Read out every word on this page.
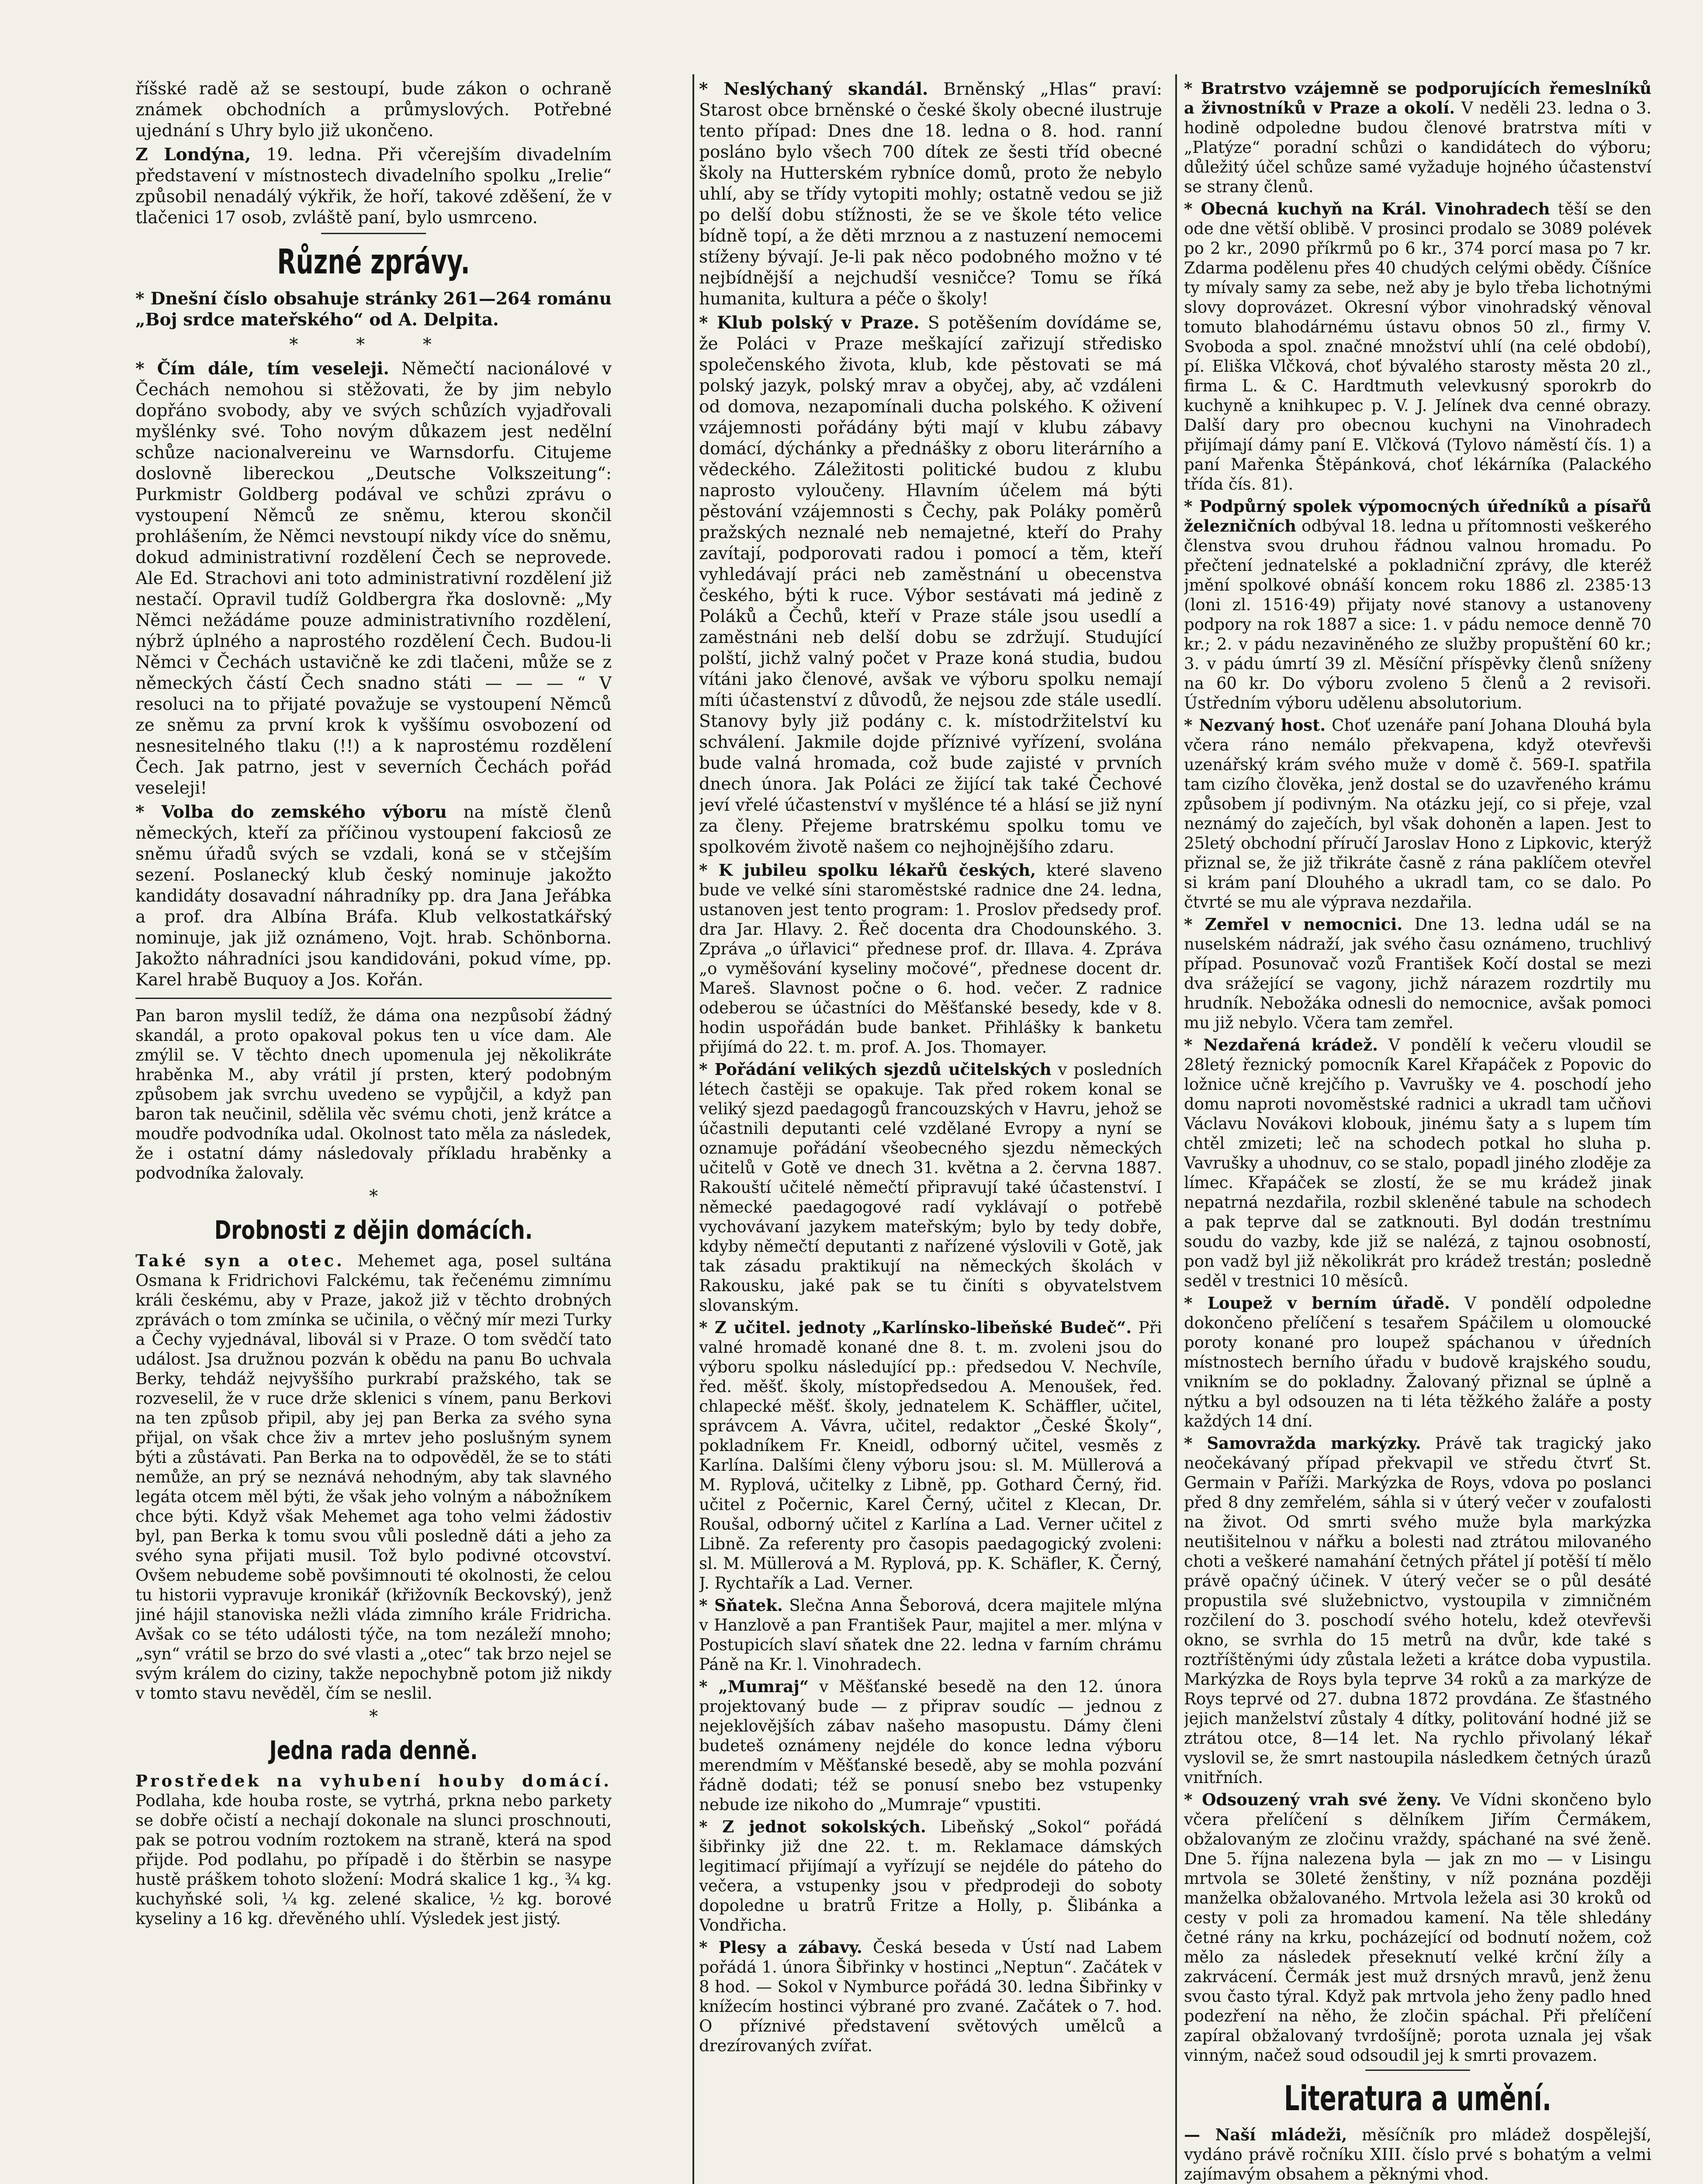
říšské radě až se sestoupí, bude zákon o ochraně známek obchodních a průmyslových. Potřebné ujednání s Uhry bylo již ukončeno.

Z Londýna, 19. ledna. Při včerejším divadelním představení v místnostech divadelního spolku „Irelie“ způsobil nenadálý výkřik, že hoří, takové zděšení, že v tlačenici 17 osob, zvláště paní, bylo usmrceno.

Různé zprávy.

* Dnešní číslo obsahuje stránky 261—264 románu „Boj srdce mateřského“ od A. Delpita.

* * *

* Čím dále, tím veseleji. Němečtí nacionálové v Čechách nemohou si stěžovati, že by jim nebylo dopřáno svobody, aby ve svých schůzích vyjadřovali myšlénky své. Toho novým důkazem jest nedělní schůze nacionalvereinu ve Warnsdorfu. Citujeme doslovně libereckou „Deutsche Volkszeitung“: Purkmistr Goldberg podával ve schůzi zprávu o vystoupení Němců ze sněmu, kterou skončil prohlášením, že Němci nevstoupí nikdy více do sněmu, dokud administrativní rozdělení Čech se neprovede. Ale Ed. Strachovi ani toto administrativní rozdělení již nestačí. Opravil tudíž Goldbergra řka doslovně: „My Němci nežádáme pouze administrativního rozdělení, nýbrž úplného a naprostého rozdělení Čech. Budou-li Němci v Čechách ustavičně ke zdi tlačeni, může se z německých částí Čech snadno státi — — — “ V resoluci na to přijaté považuje se vystoupení Němců ze sněmu za první krok k vyššímu osvobození od nesnesitelného tlaku (!!) a k naprostému rozdělení Čech. Jak patrno, jest v severních Čechách pořád veseleji!

* Volba do zemského výboru na místě členů německých, kteří za příčinou vystoupení fakciosů ze sněmu úřadů svých se vzdali, koná se v stčejším sezení. Poslanecký klub český nominuje jakožto kandidáty dosavadní náhradníky pp. dra Jana Jeřábka a prof. dra Albína Bráfa. Klub velkostatkářský nominuje, jak již oznámeno, Vojt. hrab. Schönborna. Jakožto náhradníci jsou kandidováni, pokud víme, pp. Karel hrabě Buquoy a Jos. Kořán.

Pan baron myslil tedíž, že dáma ona nezpůsobí žádný skandál, a proto opakoval pokus ten u více dam. Ale zmýlil se. V těchto dnech upomenula jej několikráte hraběnka M., aby vrátil jí prsten, který podobným způsobem jak svrchu uvedeno se vypůjčil, a když pan baron tak neučinil, sdělila věc svému choti, jenž krátce a moudře podvodníka udal. Okolnost tato měla za následek, že i ostatní dámy následovaly příkladu hraběnky a podvodníka žalovaly.

*
Drobnosti z dějin domácích.

Také syn a otec. Mehemet aga, posel sultána Osmana k Fridrichovi Falckému, tak řečenému zimnímu králi českému, aby v Praze, jakož již v těchto drobných zprávách o tom zmínka se učinila, o věčný mír mezi Turky a Čechy vyjednával, libovál si v Praze. O tom svědčí tato událost. Jsa družnou pozván k obědu na panu Bo uchvala Berky, tehdáž nejvyššího purkrabí pražského, tak se rozveselil, že v ruce drže sklenici s vínem, panu Berkovi na ten způsob připil, aby jej pan Berka za svého syna přijal, on však chce živ a mrtev jeho poslušným synem býti a zůstávati. Pan Berka na to odpověděl, že se to státi nemůže, an prý se neznává nehodným, aby tak slavného legáta otcem měl býti, že však jeho volným a nábožníkem chce býti. Když však Mehemet aga toho velmi žádostiv byl, pan Berka k tomu svou vůli posledně dáti a jeho za svého syna přijati musil. Tož bylo podivné otcovství. Ovšem nebudeme sobě povšimnouti té okolnosti, že celou tu historii vypravuje kronikář (křižovník Beckovský), jenž jiné hájil stanoviska nežli vláda zimního krále Fridricha. Avšak co se této události týče, na tom nezáleží mnoho; „syn“ vrátil se brzo do své vlasti a „otec“ tak brzo nejel se svým králem do ciziny, takže nepochybně potom již nikdy v tomto stavu nevěděl, čím se neslil.

*
Jedna rada denně.

Prostředek na vyhubení houby domácí. Podlaha, kde houba roste, se vytrhá, prkna nebo parkety se dobře očistí a nechají dokonale na slunci proschnouti, pak se potrou vodním roztokem na straně, která na spod přijde. Pod podlahu, po případě i do štěrbin se nasype hustě práškem tohoto složení: Modrá skalice 1 kg., ¾ kg. kuchyňské soli, ¼ kg. zelené skalice, ½ kg. borové kyseliny a 16 kg. dřevěného uhlí. Výsledek jest jistý.

* Neslýchaný skandál. Brněnský „Hlas“ praví: Starost obce brněnské o české školy obecné ilustruje tento případ: Dnes dne 18. ledna o 8. hod. ranní posláno bylo všech 700 dítek ze šesti tříd obecné školy na Hutterském rybníce domů, proto že nebylo uhlí, aby se třídy vytopiti mohly; ostatně vedou se již po delší dobu stížnosti, že se ve škole této velice bídně topí, a že děti mrznou a z nastuzení nemocemi stíženy bývají. Je-li pak něco podobného možno v té nejbídnější a nejchudší vesničce? Tomu se říká humanita, kultura a péče o školy!

* Klub polský v Praze. S potěšením dovídáme se, že Poláci v Praze meškající zařizují středisko společenského života, klub, kde pěstovati se má polský jazyk, polský mrav a obyčej, aby, ač vzdáleni od domova, nezapomínali ducha polského. K oživení vzájemnosti pořádány býti mají v klubu zábavy domácí, dýchánky a přednášky z oboru literárního a vědeckého. Záležitosti politické budou z klubu naprosto vyloučeny. Hlavním účelem má býti pěstování vzájemnosti s Čechy, pak Poláky poměrů pražských neznalé neb nemajetné, kteří do Prahy zavítají, podporovati radou i pomocí a těm, kteří vyhledávají práci neb zaměstnání u obecenstva českého, býti k ruce. Výbor sestávati má jedině z Poláků a Čechů, kteří v Praze stále jsou usedlí a zaměstnáni neb delší dobu se zdržují. Studující polští, jichž valný počet v Praze koná studia, budou vítáni jako členové, avšak ve výboru spolku nemají míti účastenství z důvodů, že nejsou zde stále usedlí. Stanovy byly již podány c. k. místodržitelství ku schválení. Jakmile dojde příznivé vyřízení, svolána bude valná hromada, což bude zajisté v prvních dnech února. Jak Poláci ze žijící tak také Čechové jeví vřelé účastenství v myšlénce té a hlásí se již nyní za členy. Přejeme bratrskému spolku tomu ve spolkovém životě našem co nejhojnějšího zdaru.

* K jubileu spolku lékařů českých, které slaveno bude ve velké síni staroměstské radnice dne 24. ledna, ustanoven jest tento program: 1. Proslov předsedy prof. dra Jar. Hlavy. 2. Řeč docenta dra Chodounského. 3. Zpráva „o úřlavici“ přednese prof. dr. Illava. 4. Zpráva „o vyměšování kyseliny močové“, přednese docent dr. Mareš. Slavnost počne o 6. hod. večer. Z radnice odeberou se účastníci do Měšťanské besedy, kde v 8. hodin uspořádán bude banket. Přihlášky k banketu přijímá do 22. t. m. prof. A. Jos. Thomayer.

* Pořádání velikých sjezdů učitelských v posledních létech častěji se opakuje. Tak před rokem konal se veliký sjezd paedagogů francouzských v Havru, jehož se účastnili deputanti celé vzdělané Evropy a nyní se oznamuje pořádání všeobecného sjezdu německých učitelů v Gotě ve dnech 31. května a 2. června 1887. Rakouští učitelé němečtí připravují také účastenství. I německé paedagogové radí vyklávají o potřebě vychovávaní jazykem mateřským; bylo by tedy dobře, kdyby němečtí deputanti z nařízené výslovili v Gotě, jak tak zásadu praktikují na německých školách v Rakousku, jaké pak se tu činíti s obyvatelstvem slovanským.

* Z učitel. jednoty „Karlínsko-libeňské Budeč“. Při valné hromadě konané dne 8. t. m. zvoleni jsou do výboru spolku následující pp.: předsedou V. Nechvíle, řed. měšť. školy, místopředsedou A. Menoušek, řed. chlapecké měšť. školy, jednatelem K. Schäffler, učitel, správcem A. Vávra, učitel, redaktor „České Školy“, pokladníkem Fr. Kneidl, odborný učitel, vesměs z Karlína. Dalšími členy výboru jsou: sl. M. Müllerová a M. Ryplová, učitelky z Libně, pp. Gothard Černý, řid. učitel z Počernic, Karel Černý, učitel z Klecan, Dr. Roušal, odborný učitel z Karlína a Lad. Verner učitel z Libně. Za referenty pro časopis paedagogický zvoleni: sl. M. Müllerová a M. Ryplová, pp. K. Schäfler, K. Černý, J. Rychtařík a Lad. Verner.

* Sňatek. Slečna Anna Šeborová, dcera majitele mlýna v Hanzlově a pan František Paur, majitel a mer. mlýna v Postupicích slaví sňatek dne 22. ledna v farním chrámu Páně na Kr. l. Vinohradech.

* „Mumraj“ v Měšťanské besedě na den 12. února projektovaný bude — z připrav soudíc — jednou z nejeklovějších zábav našeho masopustu. Dámy členi budeteš oznámeny nejdéle do konce ledna výboru merendmím v Měšťanské besedě, aby se mohla pozvání řádně dodati; též se ponusí snebo bez vstupenky nebude ize nikoho do „Mumraje“ vpustiti.

* Z jednot sokolských. Libeňský „Sokol“ pořádá šibřinky již dne 22. t. m. Reklamace dámských legitimací přijímají a vyřízují se nejdéle do páteho do večera, a vstupenky jsou v předprodeji do soboty dopoledne u bratrů Fritze a Holly, p. Šlibánka a Vondřicha.

* Plesy a zábavy. Česká beseda v Ústí nad Labem pořádá 1. února Šibřinky v hostinci „Neptun“. Začátek v 8 hod. — Sokol v Nymburce pořádá 30. ledna Šibřinky v knížecím hostinci výbrané pro zvané. Začátek o 7. hod. O příznivé představení světových umělců a drezírovaných zvířat.

* Bratrstvo vzájemně se podporujících řemeslníků a živnostníků v Praze a okolí. V neděli 23. ledna o 3. hodině odpoledne budou členové bratrstva míti v „Platýze“ poradní schůzi o kandidátech do výboru; důležitý účel schůze samé vyžaduje hojného účastenství se strany členů.

* Obecná kuchyň na Král. Vinohradech těší se den ode dne větší oblibě. V prosinci prodalo se 3089 polévek po 2 kr., 2090 příkrmů po 6 kr., 374 porcí masa po 7 kr. Zdarma podělenu přes 40 chudých celými obědy. Číšníce ty mívaly samy za sebe, než aby je bylo třeba lichotnými slovy doprovázet. Okresní výbor vinohradský věnoval tomuto blahodárnému ústavu obnos 50 zl., firmy V. Svoboda a spol. značné množství uhlí (na celé období), pí. Eliška Vlčková, choť bývalého starosty města 20 zl., firma L. & C. Hardtmuth velevkusný sporokrb do kuchyně a knihkupec p. V. J. Jelínek dva cenné obrazy. Další dary pro obecnou kuchyni na Vinohradech přijímají dámy paní E. Vlčková (Tylovo náměstí čís. 1) a paní Mařenka Štěpánková, choť lékárníka (Palackého třída čís. 81).

* Podpůrný spolek výpomocných úředníků a písařů železničních odbýval 18. ledna u přítomnosti veškerého členstva svou druhou řádnou valnou hromadu. Po přečtení jednatelské a pokladniční zprávy, dle kteréž jmění spolkové obnáší koncem roku 1886 zl. 2385·13 (loni zl. 1516·49) přijaty nové stanovy a ustanoveny podpory na rok 1887 a sice: 1. v pádu nemoce denně 70 kr.; 2. v pádu nezaviněného ze služby propuštění 60 kr.; 3. v pádu úmrtí 39 zl. Měsíční příspěvky členů sníženy na 60 kr. Do výboru zvoleno 5 členů a 2 revisoři. Ústředním výboru udělenu absolutorium.

* Nezvaný host. Choť uzenáře paní Johana Dlouhá byla včera ráno nemálo překvapena, když otevřevši uzenářský krám svého muže v domě č. 569-I. spatřila tam cizího člověka, jenž dostal se do uzavřeného krámu způsobem jí podivným. Na otázku její, co si přeje, vzal neznámý do zaječích, byl však dohoněn a lapen. Jest to 25letý obchodní příručí Jaroslav Hono z Lipkovic, kterýž přiznal se, že již třikráte časně z rána paklíčem otevřel si krám paní Dlouhého a ukradl tam, co se dalo. Po čtvrté se mu ale výprava nezdařila.

* Zemřel v nemocnici. Dne 13. ledna udál se na nuselském nádraží, jak svého času oznámeno, truchlivý případ. Posunovač vozů František Kočí dostal se mezi dva srážející se vagony, jichž nárazem rozdrtily mu hrudník. Nebožáka odnesli do nemocnice, avšak pomoci mu již nebylo. Včera tam zemřel.

* Nezdařená krádež. V pondělí k večeru vloudil se 28letý řeznický pomocník Karel Křapáček z Popovic do ložnice učně krejčího p. Vavrušky ve 4. poschodí jeho domu naproti novoměstské radnici a ukradl tam učňovi Václavu Novákovi klobouk, jinému šaty a s lupem tím chtěl zmizeti; leč na schodech potkal ho sluha p. Vavrušky a uhodnuv, co se stalo, popadl jiného zloděje za límec. Křapáček se zlostí, že se mu krádež jinak nepatrná nezdařila, rozbil skleněné tabule na schodech a pak teprve dal se zatknouti. Byl dodán trestnímu soudu do vazby, kde již se nalézá, z tajnou osobností, pon vadž byl již několikrát pro krádež trestán; posledně seděl v trestnici 10 měsíců.

* Loupež v berním úřadě. V pondělí odpoledne dokončeno přelíčení s tesařem Spáčilem u olomoucké poroty konané pro loupež spáchanou v úředních místnostech berního úřadu v budově krajského soudu, vnikním se do pokladny. Žalovaný přiznal se úplně a nýtku a byl odsouzen na ti léta těžkého žaláře a posty každých 14 dní.

* Samovražda markýzky. Právě tak tragický jako neočekávaný případ překvapil ve středu čtvrť St. Germain v Paříži. Markýzka de Roys, vdova po poslanci před 8 dny zemřelém, sáhla si v úterý večer v zoufalosti na život. Od smrti svého muže byla markýzka neutišitelnou v nářku a bolesti nad ztrátou milovaného choti a veškeré namahání četných přátel jí potěší tí mělo právě opačný účinek. V úterý večer se o půl desáté propustila své služebnictvo, vystoupila v zimničném rozčilení do 3. poschodí svého hotelu, kdež otevřevši okno, se svrhla do 15 metrů na dvůr, kde také s roztříštěnými údy zůstala ležeti a krátce doba vypustila. Markýzka de Roys byla teprve 34 roků a za markýze de Roys teprvé od 27. dubna 1872 provdána. Ze šťastného jejich manželství zůstaly 4 dítky, politování hodné již se ztrátou otce, 8—14 let. Na rychlo přivolaný lékař vyslovil se, že smrt nastoupila následkem četných úrazů vnitřních.

* Odsouzený vrah své ženy. Ve Vídni skončeno bylo včera přelíčení s dělníkem Jiřím Čermákem, obžalovaným ze zločinu vraždy, spáchané na své ženě. Dne 5. října nalezena byla — jak zn mo — v Lisingu mrtvola se 30leté ženštiny, v níž poznána později manželka obžalovaného. Mrtvola ležela asi 30 kroků od cesty v poli za hromadou kamení. Na těle shledány četné rány na krku, pocházející od bodnutí nožem, což mělo za následek přeseknutí velké krční žíly a zakrvácení. Čermák jest muž drsných mravů, jenž ženu svou často týral. Když pak mrtvola jeho ženy padlo hned podezření na něho, že zločin spáchal. Při přelíčení zapíral obžalovaný tvrdošíjně; porota uznala jej však vinným, načež soud odsoudil jej k smrti provazem.

Literatura a umění.

— Naší mládeži, měsíčník pro mládež dospělejší, vydáno právě ročníku XIII. číslo prvé s bohatým a velmi zajímavým obsahem a pěknými vhod.
